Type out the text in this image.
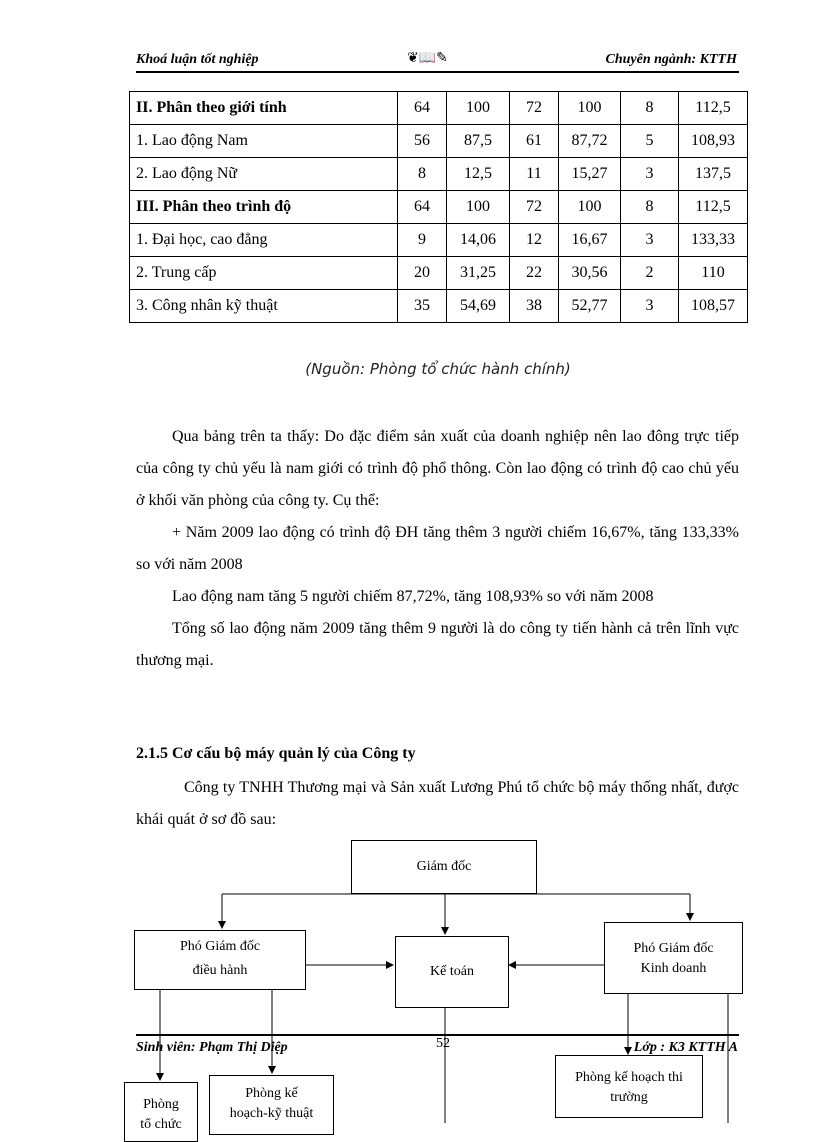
Khoá luận tốt nghiệp	❦📖✎	Chuyên ngành: KTTH
II. Phân theo giới tính	64	100	72	100	8	112,5
1. Lao động Nam	56	87,5	61	87,72	5	108,93
2. Lao động Nữ	8	12,5	11	15,27	3	137,5
III. Phân theo trình độ	64	100	72	100	8	112,5
1. Đại học, cao đẳng	9	14,06	12	16,67	3	133,33
2. Trung cấp	20	31,25	22	30,56	2	110
3. Công nhân kỹ thuật	35	54,69	38	52,77	3	108,57
(Nguồn: Phòng tổ chức hành chính)

Qua bảng trên ta thấy: Do đặc điểm sản xuất của doanh nghiệp nên lao đông trực tiếp của công ty chủ yếu là nam giới có trình độ phổ thông. Còn lao động có trình độ cao chủ yếu ở khối văn phòng của công ty. Cụ thể:

+ Năm 2009 lao động có trình độ ĐH tăng thêm 3 người chiếm 16,67%, tăng 133,33% so với năm 2008

Lao động nam tăng 5 người chiếm 87,72%, tăng 108,93% so với năm 2008

Tổng số lao động năm 2009 tăng thêm 9 người là do công ty tiến hành cả trên lĩnh vực thương mại.

2.1.5 Cơ cấu bộ máy quản lý của Công ty

Công ty TNHH Thương mại và Sản xuất Lương Phú tổ chức bộ máy thống nhất, được khái quát ở sơ đồ sau:

Giám đốc
Phó Giám đốc
điều hành	Kế toán
Phó Giám đốc
Kinh doanh
Phòng
tổ chức
Phòng kế
hoạch-kỹ thuật
Phòng kế hoạch thi
trường
Sinh viên: Phạm Thị Diệp	52	Lớp : K3 KTTH A
